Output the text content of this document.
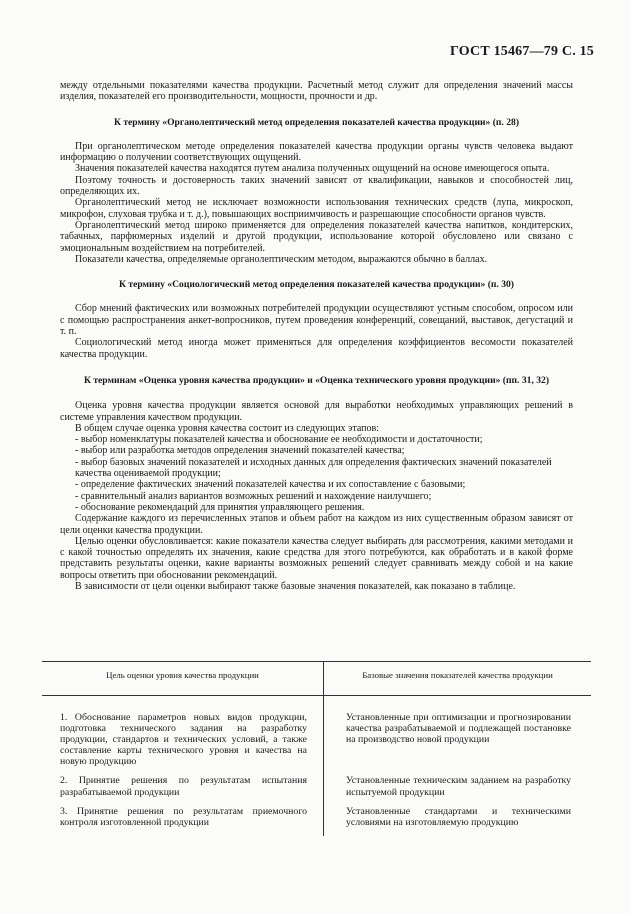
ГОСТ 15467—79 С. 15

между отдельными показателями качества продукции. Расчетный метод служит для определения значений массы изделия, показателей его производительности, мощности, прочности и др.

К термину «Органолептический метод определения показателей качества продукции» (п. 28)

При органолептическом методе определения показателей качества продукции органы чувств человека выдают информацию о получении соответствующих ощущений.

Значения показателей качества находятся путем анализа полученных ощущений на основе имеющегося опыта.

Поэтому точность и достоверность таких значений зависят от квалификации, навыков и способностей лиц, определяющих их.

Органолептический метод не исключает возможности использования технических средств (лупа, микроскоп, микрофон, слуховая трубка и т. д.), повышающих восприимчивость и разрешающие способности органов чувств.

Органолептический метод широко применяется для определения показателей качества напитков, кондитерских, табачных, парфюмерных изделий и другой продукции, использование которой обусловлено или связано с эмоциональным воздействием на потребителей.

Показатели качества, определяемые органолептическим методом, выражаются обычно в баллах.

К термину «Социологический метод определения показателей качества продукции» (п. 30)

Сбор мнений фактических или возможных потребителей продукции осуществляют устным способом, опросом или с помощью распространения анкет-вопросников, путем проведения конференций, совещаний, выставок, дегустаций и т. п.

Социологический метод иногда может применяться для определения коэффициентов весомости показателей качества продукции.

К терминам «Оценка уровня качества продукции» и «Оценка технического уровня продукции» (пп. 31, 32)

Оценка уровня качества продукции является основой для выработки необходимых управляющих решений в системе управления качеством продукции.

В общем случае оценка уровня качества состоит из следующих этапов:

- выбор номенклатуры показателей качества и обоснование ее необходимости и достаточности;

- выбор или разработка методов определения значений показателей качества;

- выбор базовых значений показателей и исходных данных для определения фактических значений показателей качества оцениваемой продукции;

- определение фактических значений показателей качества и их сопоставление с базовыми;

- сравнительный анализ вариантов возможных решений и нахождение наилучшего;

- обоснование рекомендаций для принятия управляющего решения.

Содержание каждого из перечисленных этапов и объем работ на каждом из них существенным образом зависят от цели оценки качества продукции.

Целью оценки обусловливается: какие показатели качества следует выбирать для рассмотрения, какими методами и с какой точностью определять их значения, какие средства для этого потребуются, как обработать и в какой форме представить результаты оценки, какие варианты возможных решений следует сравнивать между собой и на какие вопросы ответить при обосновании рекомендаций.

В зависимости от цели оценки выбирают также базовые значения показателей, как показано в таблице.

Цель оценки уровня качества продукции	Базовые значения показателей качества продукции
1. Обоснование параметров новых видов продукции, подготовка технического задания на разработку продукции, стандартов и технических условий, а также составление карты технического уровня и качества на новую продукцию	Установленные при оптимизации и прогнозировании качества разрабатываемой и подлежащей постановке на производство новой продукции
2. Принятие решения по результатам испытания разрабатываемой продукции	Установленные техническим заданием на разработку испытуемой продукции
3. Принятие решения по результатам приемочного контроля изготовленной продукции	Установленные стандартами и техническими условиями на изготовляемую продукцию
